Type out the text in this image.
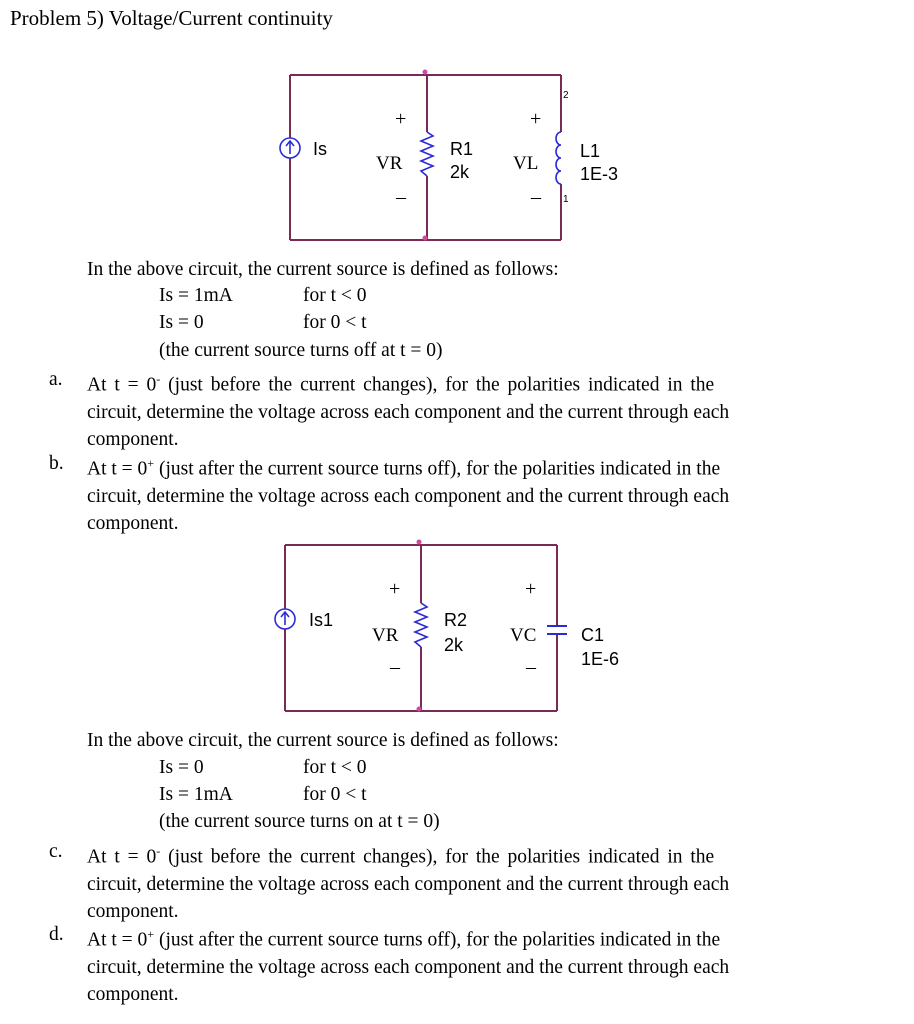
Problem 5) Voltage/Current continuity
Is
+
VR
–
R1
2k
+
VL
–
L1
1E-3
2
1
In the above circuit, the current source is defined as follows:
Is = 1mA	for t < 0
Is = 0	for 0 < t
(the current source turns off at t = 0)
a. At t = 0- (just before the current changes), for the polarities indicated in the
circuit, determine the voltage across each component and the current through each
component.
b. At t = 0+ (just after the current source turns off), for the polarities indicated in the
circuit, determine the voltage across each component and the current through each
component.
Is1
+
VR
–
R2
2k
+
VC
–
C1
1E-6
In the above circuit, the current source is defined as follows:
Is = 0	for t < 0
Is = 1mA	for 0 < t
(the current source turns on at t = 0)
c. At t = 0- (just before the current changes), for the polarities indicated in the
circuit, determine the voltage across each component and the current through each
component.
d. At t = 0+ (just after the current source turns off), for the polarities indicated in the
circuit, determine the voltage across each component and the current through each
component.
